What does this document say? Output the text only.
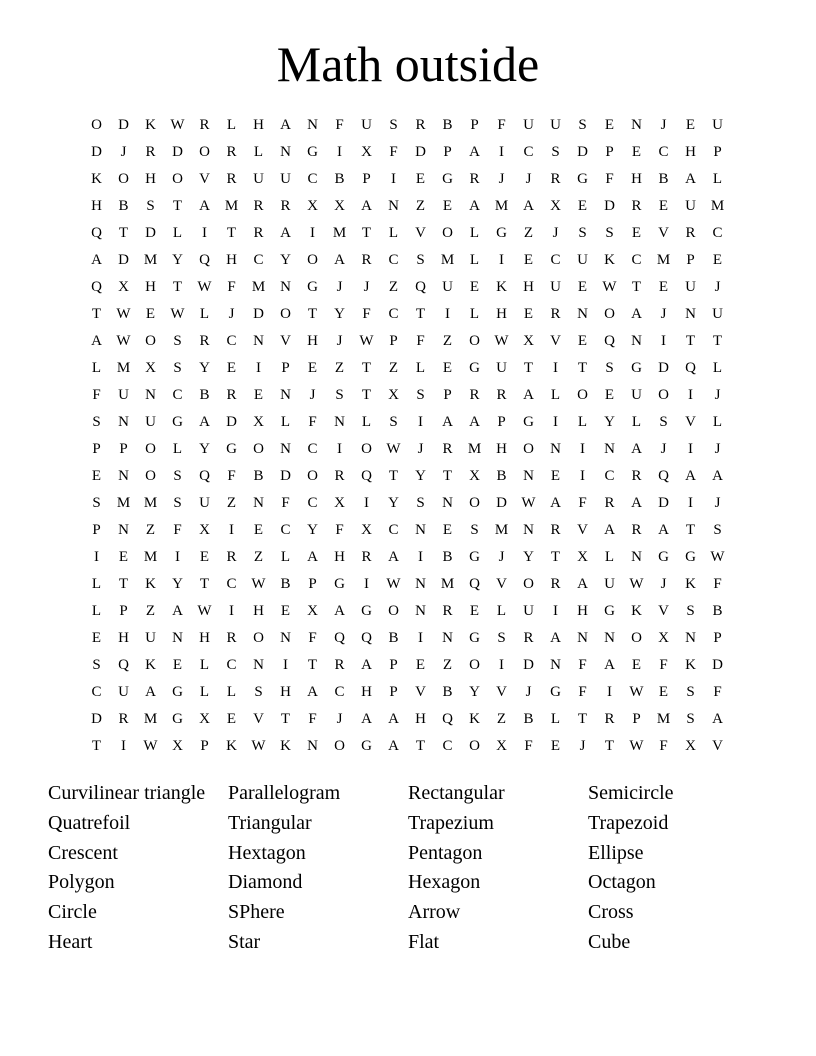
Math outside
O	D	K W R	L	H	A	N	F	U	S	R	B	P	F	U	U	S	E	N	J	E	U
D	J	R	D	O	R	L	N	G	I	X	F	D	P	A	I	C	S	D	P	E	C	H	P
K	O	H	O	V	R	U	U	C	B	P	I	E	G	R	J	J	R	G	F	H	B	A	L
H	B	S	T	A M	R	R	X	X	A	N	Z	E	A M A	X	E	D	R	E	U M
Q	T	D	L	I	T	R	A	I	M	T	L	V	O	L	G	Z	J	S	S	E	V	R	C
A	D M Y	Q	H	C	Y	O	A	R	C	S	M	L	I	E	C	U	K	C	M	P	E
Q	X	H	T	W	F	M N	G	J	J	Z	Q	U	E	K	H	U	E	W	T	E	U	J
T	W	E	W	L	J	D	O	T	Y	F	C	T	I	L	H	E	R	N	O	A	J	N	U
A W O	S	R	C	N	V	H	J	W	P	F	Z	O W X	V	E	Q	N	I	T	T
L	M X	S	Y	E	I	P	E	Z	T	Z	L	E	G	U	T	I	T	S	G	D	Q	L
F	U	N	C	B	R	E	N	J	S	T	X	S	P	R	R	A	L	O	E	U	O	I	J
S	N	U	G	A	D	X	L	F	N	L	S	I	A	A	P	G	I	L	Y	L	S	V	L
P	P	O	L	Y	G	O	N	C	I	O W	J	R	M H	O	N	I	N	A	J	I	J
E	N	O	S	Q	F	B	D	O	R	Q	T	Y	T	X	B	N	E	I	C	R	Q	A	A
S	M M	S	U	Z	N	F	C	X	I	Y	S	N	O	D W A	F	R	A	D	I	J
P	N	Z	F	X	I	E	C	Y	F	X	C	N	E	S	M N	R	V	A	R	A	T	S
I	E	M	I	E	R	Z	L	A	H	R	A	I	B	G	J	Y	T	X	L	N	G	G W
L	T	K	Y	T	C W B	P	G	I	W N M Q	V	O	R	A	U W	J	K	F
L	P	Z	A W	I	H	E	X	A	G	O	N	R	E	L	U	I	H	G	K	V	S	B
E	H	U	N	H	R	O	N	F	Q	Q	B	I	N	G	S	R	A	N	N	O	X	N	P
S	Q	K	E	L	C	N	I	T	R	A	P	E	Z	O	I	D	N	F	A	E	F	K	D
C	U	A	G	L	L	S	H	A	C	H	P	V	B	Y	V	J	G	F	I	W	E	S	F
D	R	M G	X	E	V	T	F	J	A	A	H	Q	K	Z	B	L	T	R	P	M	S	A
T	I	W X	P	K W K	N	O	G	A	T	C	O	X	F	E	J	T	W	F	X	V
Curvilinear triangle	Parallelogram	Rectangular	Semicircle
Quatrefoil	Triangular	Trapezium	Trapezoid
Crescent	Hextagon	Pentagon	Ellipse
Polygon	Diamond	Hexagon	Octagon
Circle	SPhere	Arrow	Cross
Heart	Star	Flat	Cube
